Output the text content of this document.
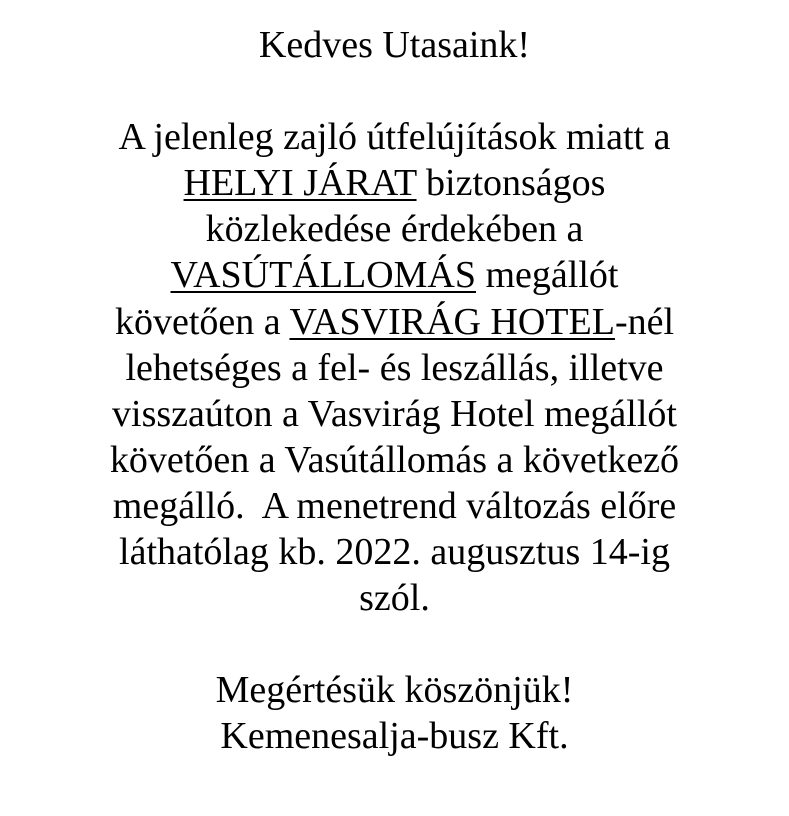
Kedves Utasaink!
A jelenleg zajló útfelújítások miatt a
HELYI JÁRAT biztonságos
közlekedése érdekében a
VASÚTÁLLOMÁS megállót
követően a VASVIRÁG HOTEL-nél
lehetséges a fel- és leszállás, illetve
visszaúton a Vasvirág Hotel megállót
követően a Vasútállomás a következő
megálló.  A menetrend változás előre
láthatólag kb. 2022. augusztus 14-ig
szól.
Megértésük köszönjük!
Kemenesalja-busz Kft.
